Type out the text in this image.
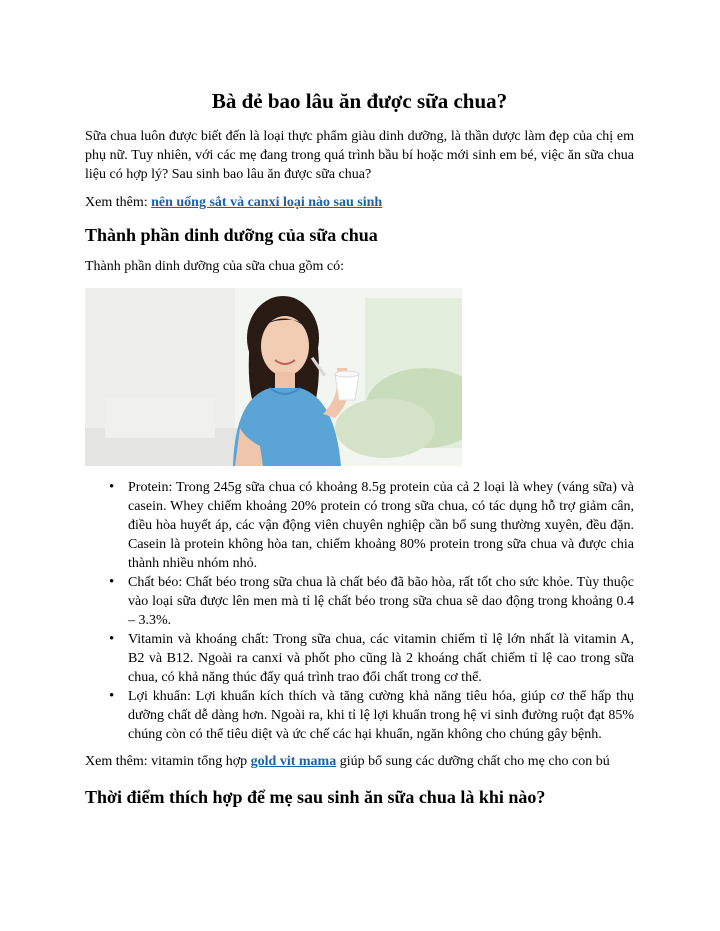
Bà đẻ bao lâu ăn được sữa chua?

Sữa chua luôn được biết đến là loại thực phẩm giàu dinh dưỡng, là thần dược làm đẹp của chị em phụ nữ. Tuy nhiên, với các mẹ đang trong quá trình bầu bí hoặc mới sinh em bé, việc ăn sữa chua liệu có hợp lý? Sau sinh bao lâu ăn được sữa chua?

Xem thêm: nên uống sắt và canxi loại nào sau sinh

Thành phần dinh dưỡng của sữa chua

Thành phần dinh dưỡng của sữa chua gồm có:

• Protein: Trong 245g sữa chua có khoảng 8.5g protein của cả 2 loại là whey (váng sữa) và casein. Whey chiếm khoảng 20% protein có trong sữa chua, có tác dụng hỗ trợ giảm cân, điều hòa huyết áp, các vận động viên chuyên nghiệp cần bổ sung thường xuyên, đều đặn. Casein là protein không hòa tan, chiếm khoảng 80% protein trong sữa chua và được chia thành nhiều nhóm nhỏ.
• Chất béo: Chất béo trong sữa chua là chất béo đã bão hòa, rất tốt cho sức khỏe. Tùy thuộc vào loại sữa được lên men mà tỉ lệ chất béo trong sữa chua sẽ dao động trong khoảng 0.4 – 3.3%.
• Vitamin và khoáng chất: Trong sữa chua, các vitamin chiếm tỉ lệ lớn nhất là vitamin A, B2 và B12. Ngoài ra canxi và phốt pho cũng là 2 khoáng chất chiếm tỉ lệ cao trong sữa chua, có khả năng thúc đẩy quá trình trao đổi chất trong cơ thể.
• Lợi khuẩn: Lợi khuẩn kích thích và tăng cường khả năng tiêu hóa, giúp cơ thể hấp thụ dưỡng chất dễ dàng hơn. Ngoài ra, khi tỉ lệ lợi khuẩn trong hệ vi sinh đường ruột đạt 85% chúng còn có thể tiêu diệt và ức chế các hại khuẩn, ngăn không cho chúng gây bệnh.

Xem thêm: vitamin tổng hợp gold vit mama giúp bổ sung các dưỡng chất cho mẹ cho con bú

Thời điểm thích hợp để mẹ sau sinh ăn sữa chua là khi nào?
